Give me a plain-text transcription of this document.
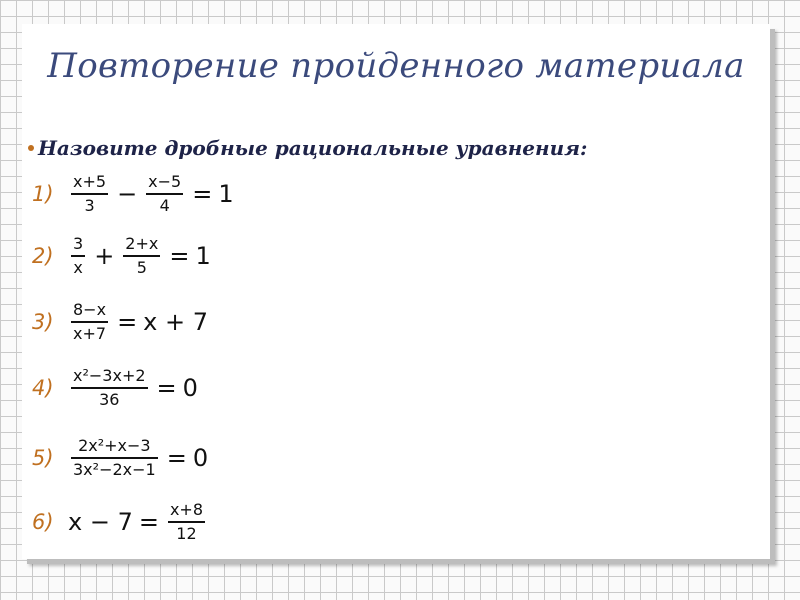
Повторение пройденного материала
Назовите дробные рациональные уравнения:
1)	$\frac{x+5}{3} - \frac{x-5}{4} = 1$
2)	$\frac{3}{x} + \frac{2+x}{5} = 1$
3)	$\frac{8-x}{x+7} = x + 7$
4)	$\frac{\text{x²−3x+2}}{36} = 0$
5)	$\frac{\text{2x²+x−3}}{\text{3x²−2x−1}} = 0$
6) $x - 7 = \frac{x+8}{12}$
